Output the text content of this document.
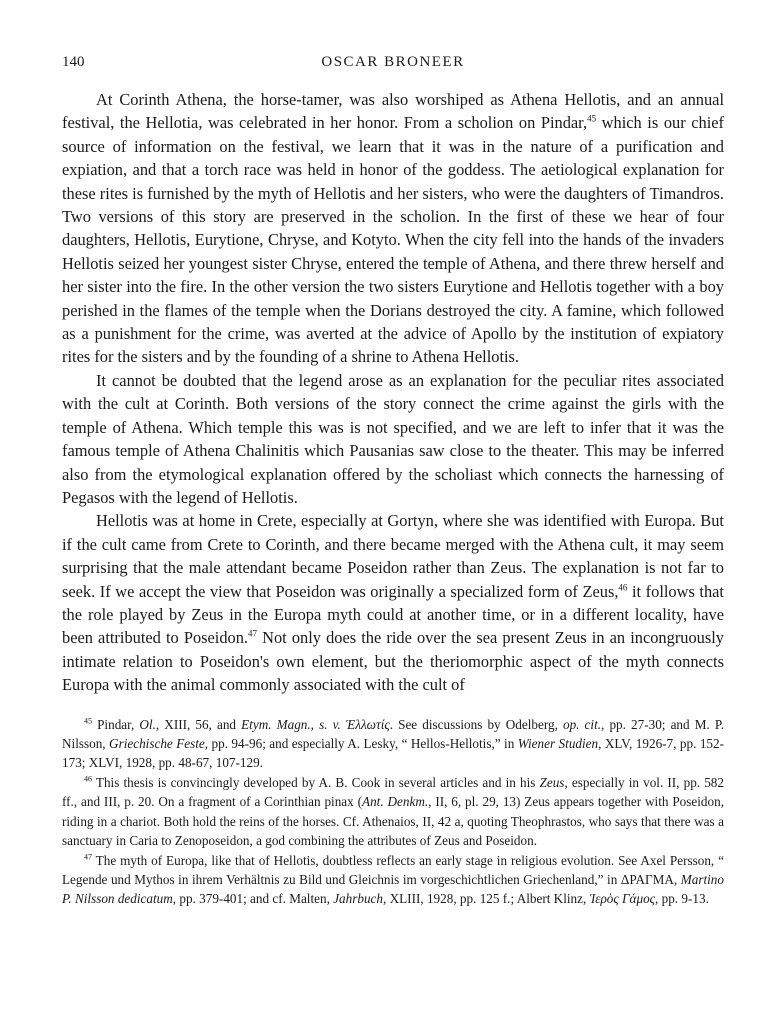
140	OSCAR BRONEER

At Corinth Athena, the horse-tamer, was also worshiped as Athena Hellotis, and an annual festival, the Hellotia, was celebrated in her honor. From a scholion on Pindar,$^{45}$ which is our chief source of information on the festival, we learn that it was in the nature of a purification and expiation, and that a torch race was held in honor of the goddess. The aetiological explanation for these rites is furnished by the myth of Hellotis and her sisters, who were the daughters of Timandros. Two versions of this story are preserved in the scholion. In the first of these we hear of four daughters, Hellotis, Eurytione, Chryse, and Kotyto. When the city fell into the hands of the invaders Hellotis seized her youngest sister Chryse, entered the temple of Athena, and there threw herself and her sister into the fire. In the other version the two sisters Eurytione and Hellotis together with a boy perished in the flames of the temple when the Dorians destroyed the city. A famine, which followed as a punishment for the crime, was averted at the advice of Apollo by the institution of expiatory rites for the sisters and by the founding of a shrine to Athena Hellotis.

It cannot be doubted that the legend arose as an explanation for the peculiar rites associated with the cult at Corinth. Both versions of the story connect the crime against the girls with the temple of Athena. Which temple this was is not specified, and we are left to infer that it was the famous temple of Athena Chalinitis which Pausanias saw close to the theater. This may be inferred also from the etymological explanation offered by the scholiast which connects the harnessing of Pegasos with the legend of Hellotis.

Hellotis was at home in Crete, especially at Gortyn, where she was identified with Europa. But if the cult came from Crete to Corinth, and there became merged with the Athena cult, it may seem surprising that the male attendant became Poseidon rather than Zeus. The explanation is not far to seek. If we accept the view that Poseidon was originally a specialized form of Zeus,$^{46}$ it follows that the role played by Zeus in the Europa myth could at another time, or in a different locality, have been attributed to Poseidon.$^{47}$ Not only does the ride over the sea present Zeus in an incongruously intimate relation to Poseidon's own element, but the theriomorphic aspect of the myth connects Europa with the animal commonly associated with the cult of

$^{45}$ Pindar, Ol., XIII, 56, and Etym. Magn., s. v. Ἑλλωτίς. See discussions by Odelberg, op. cit., pp. 27-30; and M. P. Nilsson, Griechische Feste, pp. 94-96; and especially A. Lesky, “ Hellos-Hellotis,” in Wiener Studien, XLV, 1926-7, pp. 152-173; XLVI, 1928, pp. 48-67, 107-129.

$^{46}$ This thesis is convincingly developed by A. B. Cook in several articles and in his Zeus, especially in vol. II, pp. 582 ff., and III, p. 20. On a fragment of a Corinthian pinax (Ant. Denkm., II, 6, pl. 29, 13) Zeus appears together with Poseidon, riding in a chariot. Both hold the reins of the horses. Cf. Athenaios, II, 42 a, quoting Theophrastos, who says that there was a sanctuary in Caria to Zenoposeidon, a god combining the attributes of Zeus and Poseidon.

$^{47}$ The myth of Europa, like that of Hellotis, doubtless reflects an early stage in religious evolution. See Axel Persson, “ Legende und Mythos in ihrem Verhältnis zu Bild und Gleichnis im vorgeschichtlichen Griechenland,” in ΔΡΑΓΜΑ, Martino P. Nilsson dedicatum, pp. 379-401; and cf. Malten, Jahrbuch, XLIII, 1928, pp. 125 f.; Albert Klinz, Ἱερὸς Γάμος, pp. 9-13.
